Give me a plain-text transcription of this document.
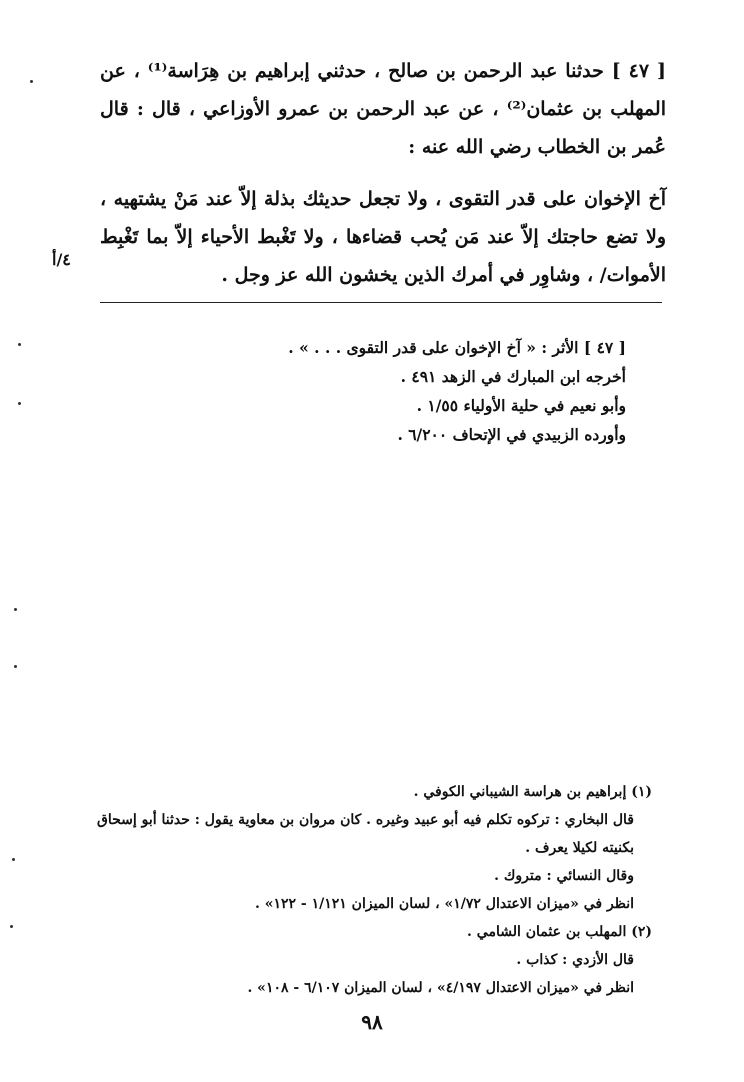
[ ٤٧ ] حدثنا عبد الرحمن بن صالح ، حدثني إبراهيم بن هِرَاسة⁽¹⁾ ، عن المهلب بن عثمان⁽²⁾ ، عن عبد الرحمن بن عمرو الأوزاعي ، قال : قال عُمر بن الخطاب رضي الله عنه :

آخ الإخوان على قدر التقوى ، ولا تجعل حديثك بذلة إلاّ عند مَنْ يشتهيه ، ولا تضع حاجتك إلاّ عند مَن يُحب قضاءها ، ولا تَغْبط الأحياء إلاّ بما تَغْبِط الأموات/ ، وشاوِر في أمرك الذين يخشون الله عز وجل .

٤/أ

[ ٤٧ ] الأثر : « آخ الإخوان على قدر التقوى . . . » .

أخرجه ابن المبارك في الزهد ٤٩١ .

وأبو نعيم في حلية الأولياء ١/٥٥ .

وأورده الزبيدي في الإتحاف ٦/٢٠٠ .

(١) إبراهيم بن هراسة الشيباني الكوفي .

قال البخاري : تركوه تكلم فيه أبو عبيد وغيره . كان مروان بن معاوية يقول : حدثنا أبو إسحاق بكنيته لكيلا يعرف .

وقال النسائي : متروك .

انظر في «ميزان الاعتدال ١/٧٢» ، لسان الميزان ١/١٢١ - ١٢٢» .

(٢) المهلب بن عثمان الشامي .

قال الأزدي : كذاب .

انظر في «ميزان الاعتدال ٤/١٩٧» ، لسان الميزان ٦/١٠٧ - ١٠٨» .

٩٨
